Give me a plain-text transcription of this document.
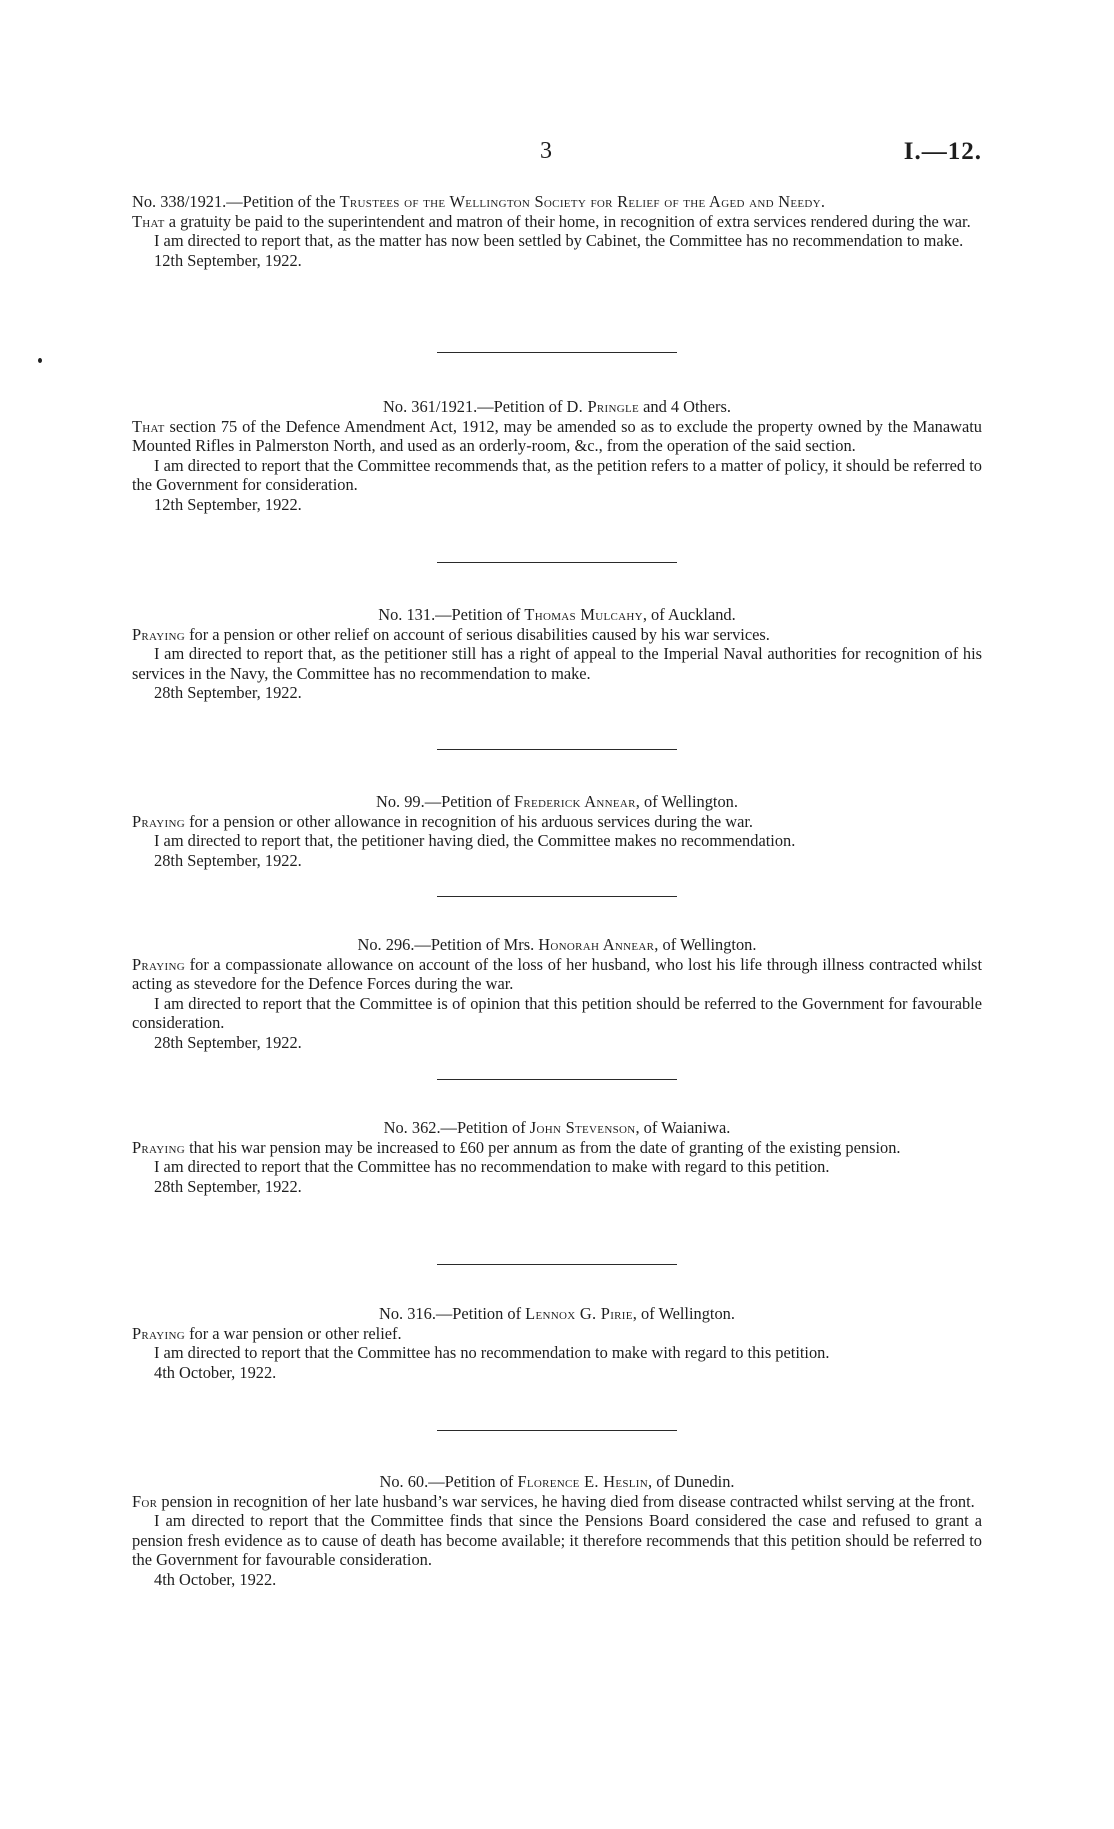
3	I.—12.

No. 338/1921.—Petition of the Trustees of the Wellington Society for Relief of the Aged and Needy.

That a gratuity be paid to the superintendent and matron of their home, in recognition of extra services rendered during the war.

I am directed to report that, as the matter has now been settled by Cabinet, the Committee has no recommendation to make.

12th September, 1922.

No. 361/1921.—Petition of D. Pringle and 4 Others.

That section 75 of the Defence Amendment Act, 1912, may be amended so as to exclude the property owned by the Manawatu Mounted Rifles in Palmerston North, and used as an orderly-room, &c., from the operation of the said section.

I am directed to report that the Committee recommends that, as the petition refers to a matter of policy, it should be referred to the Government for consideration.

12th September, 1922.

No. 131.—Petition of Thomas Mulcahy, of Auckland.

Praying for a pension or other relief on account of serious disabilities caused by his war services.

I am directed to report that, as the petitioner still has a right of appeal to the Imperial Naval authorities for recognition of his services in the Navy, the Committee has no recommendation to make.

28th September, 1922.

No. 99.—Petition of Frederick Annear, of Wellington.

Praying for a pension or other allowance in recognition of his arduous services during the war.

I am directed to report that, the petitioner having died, the Committee makes no recommendation.

28th September, 1922.

No. 296.—Petition of Mrs. Honorah Annear, of Wellington.

Praying for a compassionate allowance on account of the loss of her husband, who lost his life through illness contracted whilst acting as stevedore for the Defence Forces during the war.

I am directed to report that the Committee is of opinion that this petition should be referred to the Government for favourable consideration.

28th September, 1922.

No. 362.—Petition of John Stevenson, of Waianiwa.

Praying that his war pension may be increased to £60 per annum as from the date of granting of the existing pension.

I am directed to report that the Committee has no recommendation to make with regard to this petition.

28th September, 1922.

No. 316.—Petition of Lennox G. Pirie, of Wellington.

Praying for a war pension or other relief.

I am directed to report that the Committee has no recommendation to make with regard to this petition.

4th October, 1922.

No. 60.—Petition of Florence E. Heslin, of Dunedin.

For pension in recognition of her late husband’s war services, he having died from disease contracted whilst serving at the front.

I am directed to report that the Committee finds that since the Pensions Board considered the case and refused to grant a pension fresh evidence as to cause of death has become available; it therefore recommends that this petition should be referred to the Government for favourable consideration.

4th October, 1922.
